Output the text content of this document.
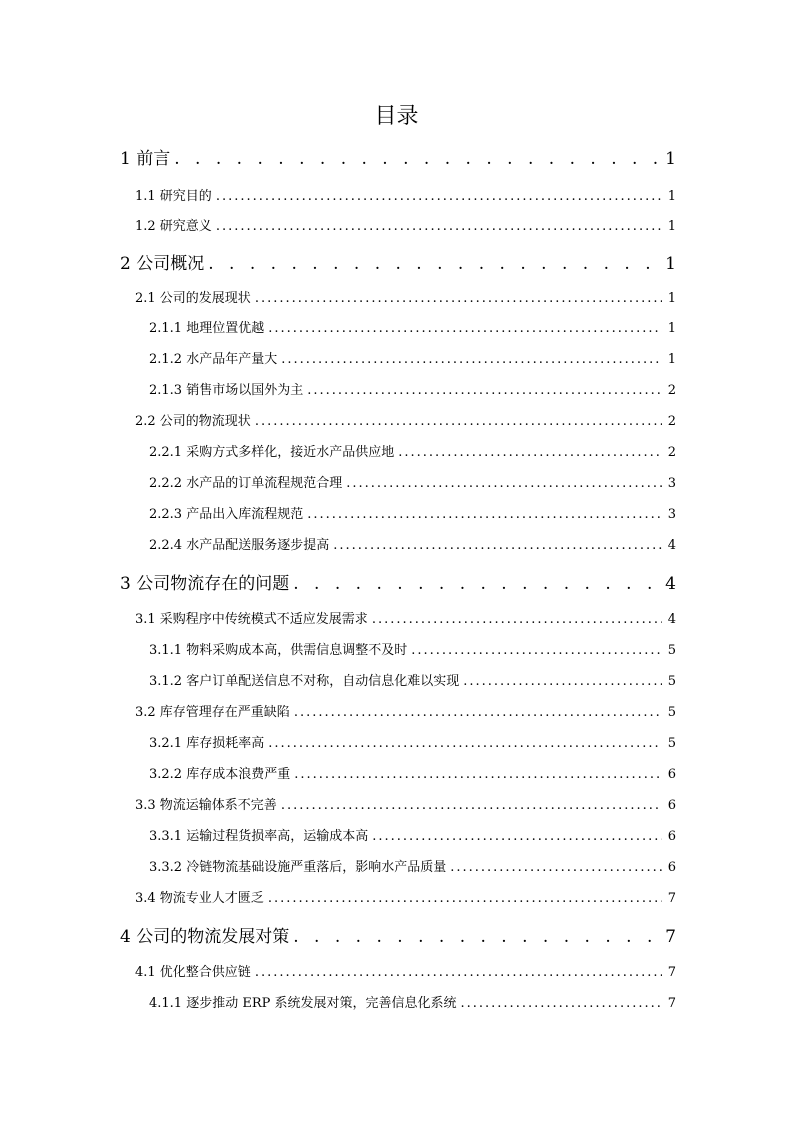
目录
1 前言 . . .	1
1.1 研究目的 .....	1
1.2 研究意义 .....	1
2 公司概况 . . .	1
2.1 公司的发展现状 .....	1
2.1.1 地理位置优越 .....	1
2.1.2 水产品年产量大 .....	1
2.1.3 销售市场以国外为主 .....	2
2.2 公司的物流现状 .....	2
2.2.1 采购方式多样化，接近水产品供应地 .....	2
2.2.2 水产品的订单流程规范合理 .....	3
2.2.3 产品出入库流程规范 .....	3
2.2.4 水产品配送服务逐步提高 .....	4
3 公司物流存在的问题 . . .	4
3.1 采购程序中传统模式不适应发展需求 .....	4
3.1.1 物料采购成本高，供需信息调整不及时 .....	5
3.1.2 客户订单配送信息不对称，自动信息化难以实现 .....	5
3.2 库存管理存在严重缺陷 .....	5
3.2.1 库存损耗率高 .....	5
3.2.2 库存成本浪费严重 .....	6
3.3 物流运输体系不完善 .....	6
3.3.1 运输过程货损率高，运输成本高 .....	6
3.3.2 冷链物流基础设施严重落后，影响水产品质量 .....	6
3.4 物流专业人才匮乏 .....	7
4 公司的物流发展对策 . . .	7
4.1 优化整合供应链 .....	7
4.1.1 逐步推动 ERP 系统发展对策，完善信息化系统 .....	7
